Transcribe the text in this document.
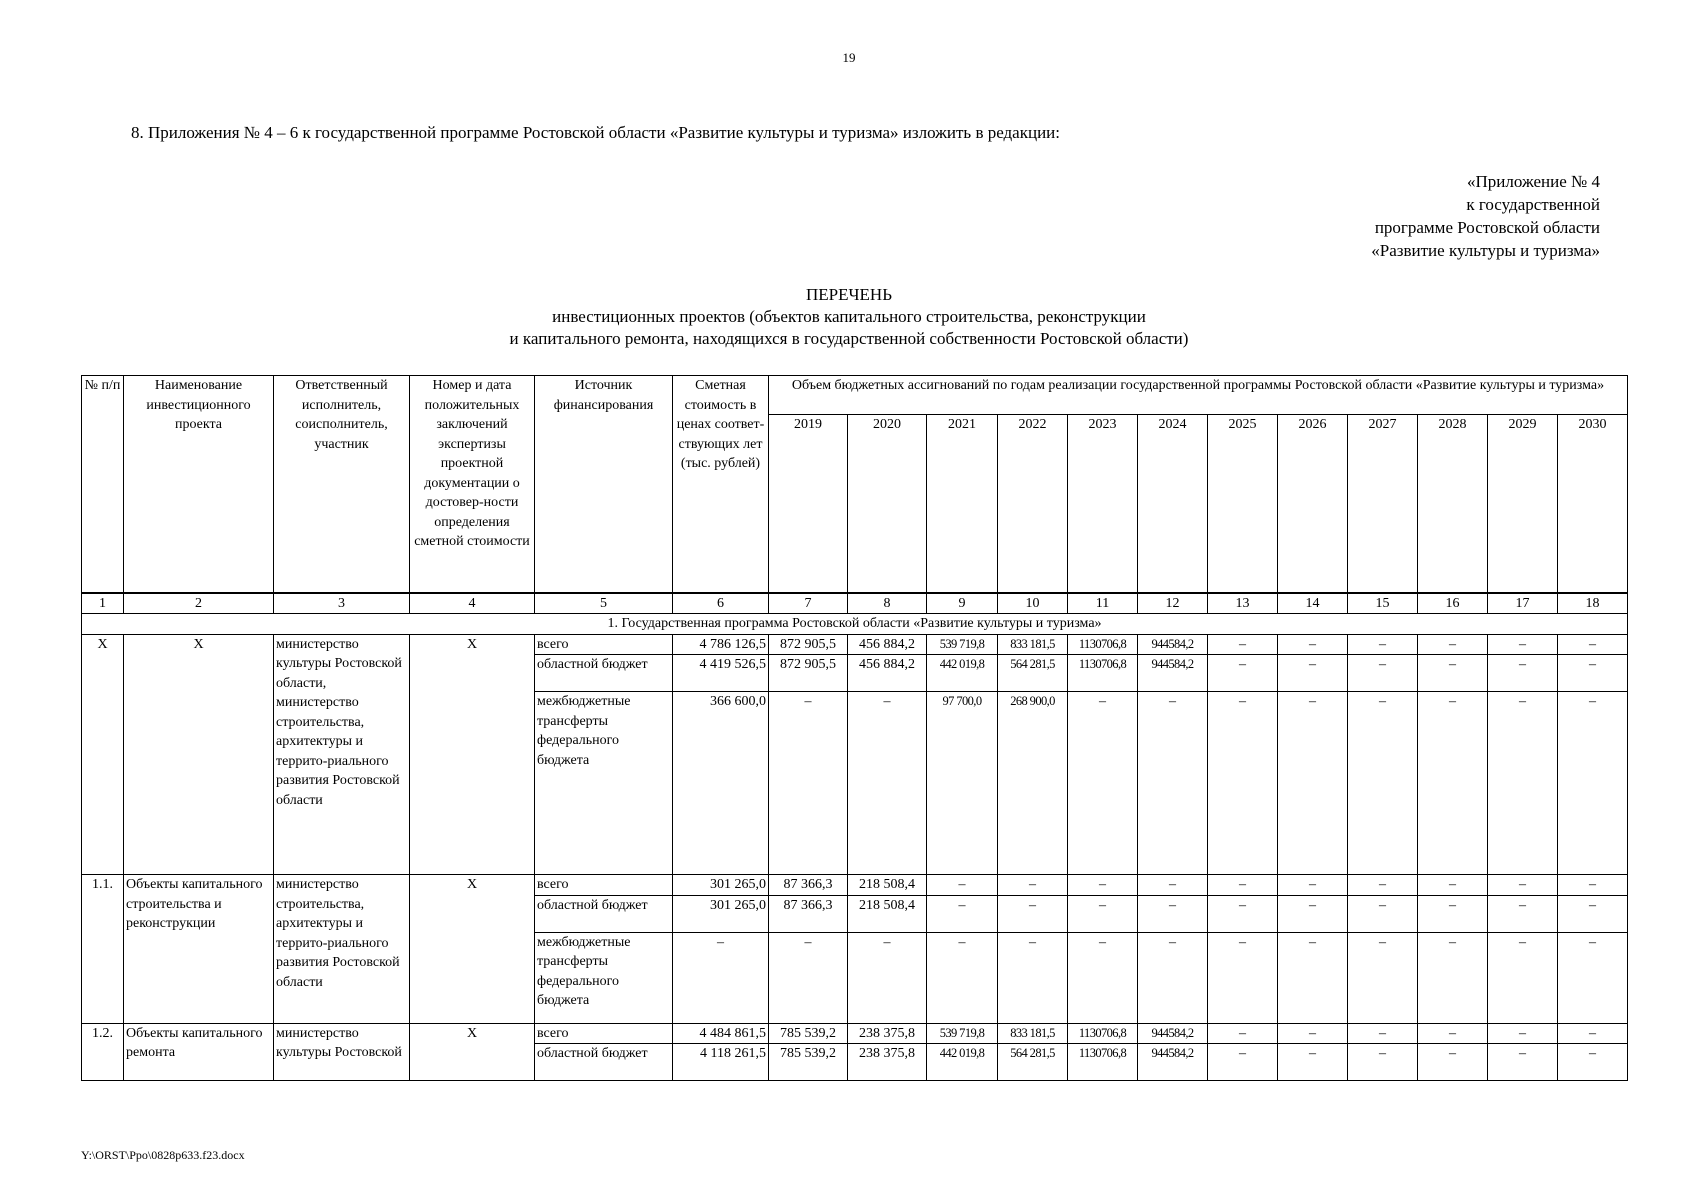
19
8. Приложения № 4 – 6 к государственной программе Ростовской области «Развитие культуры и туризма» изложить в редакции:
«Приложение № 4
к государственной
программе Ростовской области
«Развитие культуры и туризма»
ПЕРЕЧЕНЬ
инвестиционных проектов (объектов капитального строительства, реконструкции
и капитального ремонта, находящихся в государственной собственности Ростовской области)
№ п/п	Наименование инвестиционного проекта	Ответственный исполнитель, соисполнитель, участник	Номер и дата положительных заключений экспертизы проектной документации о достовер-ности определения сметной стоимости	Источник финансирования	Сметная стоимость в ценах соответ-ствующих лет (тыс. рублей)	Объем бюджетных ассигнований по годам реализации государственной программы Ростовской области «Развитие культуры и туризма»											
						2019	2020	2021	2022	2023	2024	2025	2026	2027	2028	2029	2030
1	2	3	4	5	6	7	8	9	10	11	12	13	14	15	16	17	18
1. Государственная программа Ростовской области «Развитие культуры и туризма»																	
Х	Х	министерство культуры Ростовской области, министерство строительства, архитектуры и террито-риального развития Ростовской области	Х	всего	4 786 126,5	872 905,5	456 884,2	539 719,8	833 181,5	1130706,8	944584,2	–	–	–	–	–	–
				областной бюджет	4 419 526,5	872 905,5	456 884,2	442 019,8	564 281,5	1130706,8	944584,2	–	–	–	–	–	–
				межбюджетные трансферты федерального бюджета	366 600,0	–	–	97 700,0	268 900,0	–	–	–	–	–	–	–	–
1.1.	Объекты капитального строительства и реконструкции	министерство строительства, архитектуры и террито-риального развития Ростовской области	Х	всего	301 265,0	87 366,3	218 508,4	–	–	–	–	–	–	–	–	–	–
				областной бюджет	301 265,0	87 366,3	218 508,4	–	–	–	–	–	–	–	–	–	–
				межбюджетные трансферты федерального бюджета	–	–	–	–	–	–	–	–	–	–	–	–	–
1.2.	Объекты капитального ремонта	министерство культуры Ростовской	Х	всего	4 484 861,5	785 539,2	238 375,8	539 719,8	833 181,5	1130706,8	944584,2	–	–	–	–	–	–
				областной бюджет	4 118 261,5	785 539,2	238 375,8	442 019,8	564 281,5	1130706,8	944584,2	–	–	–	–	–	–
Y:\ORST\Ppo\0828p633.f23.docx
